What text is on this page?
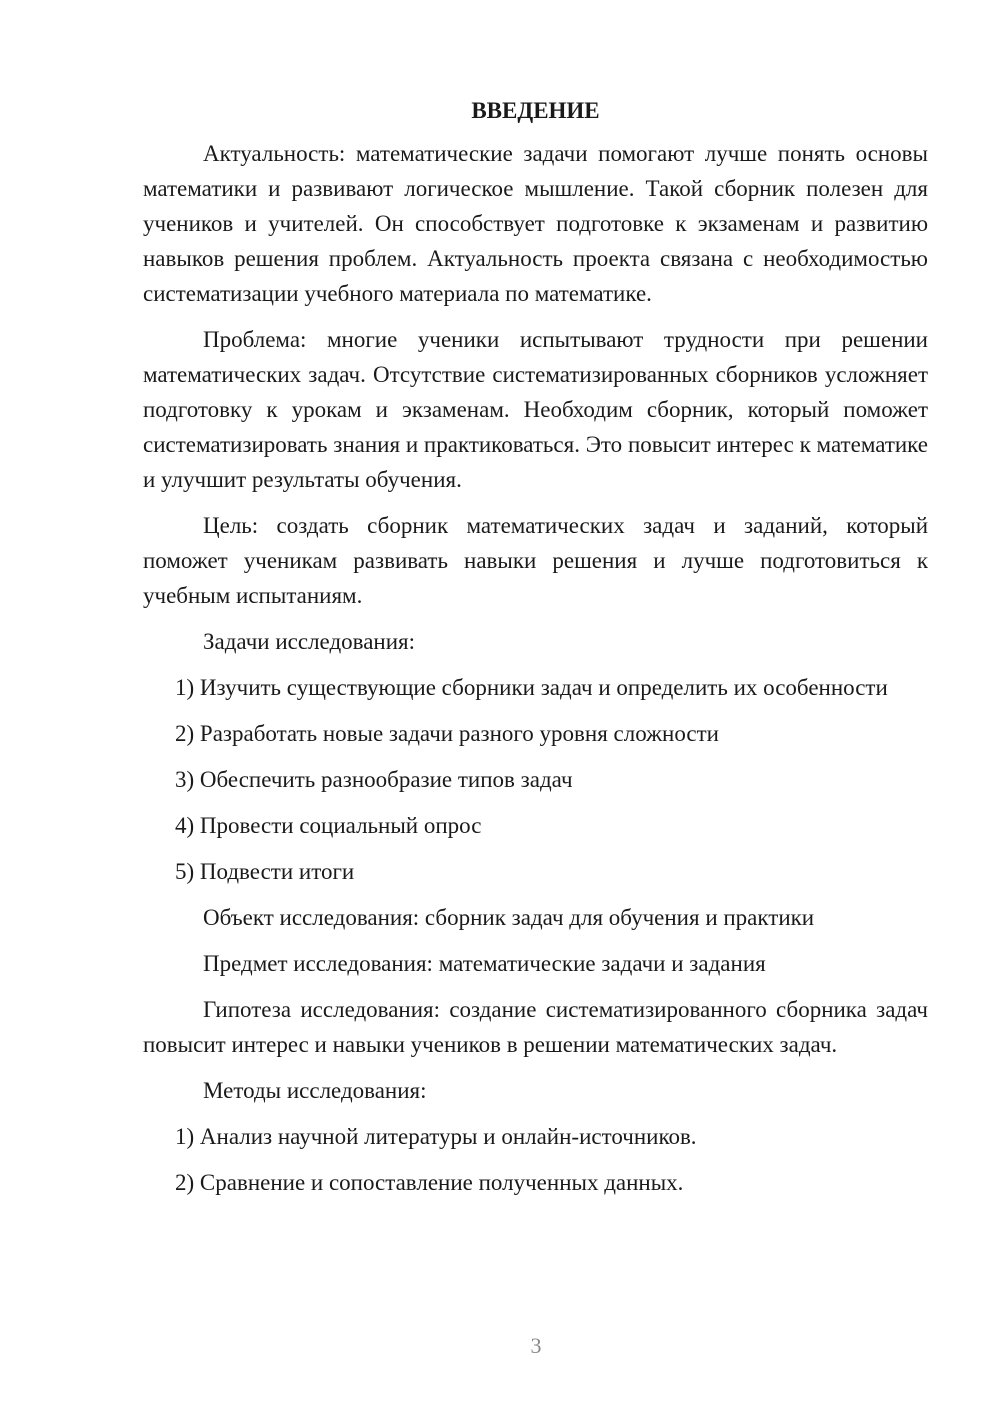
ВВЕДЕНИЕ

Актуальность: математические задачи помогают лучше понять основы математики и развивают логическое мышление. Такой сборник полезен для учеников и учителей. Он способствует подготовке к экзаменам и развитию навыков решения проблем. Актуальность проекта связана с необходимостью систематизации учебного материала по математике.

Проблема: многие ученики испытывают трудности при решении математических задач. Отсутствие систематизированных сборников усложняет подготовку к урокам и экзаменам. Необходим сборник, который поможет систематизировать знания и практиковаться. Это повысит интерес к математике и улучшит результаты обучения.

Цель: создать сборник математических задач и заданий, который поможет ученикам развивать навыки решения и лучше подготовиться к учебным испытаниям.

Задачи исследования:

1) Изучить существующие сборники задач и определить их особенности

2) Разработать новые задачи разного уровня сложности

3) Обеспечить разнообразие типов задач

4) Провести социальный опрос

5) Подвести итоги

Объект исследования: сборник задач для обучения и практики

Предмет исследования: математические задачи и задания

Гипотеза исследования: создание систематизированного сборника задач повысит интерес и навыки учеников в решении математических задач.

Методы исследования:

1) Анализ научной литературы и онлайн-источников.

2) Сравнение и сопоставление полученных данных.

3
